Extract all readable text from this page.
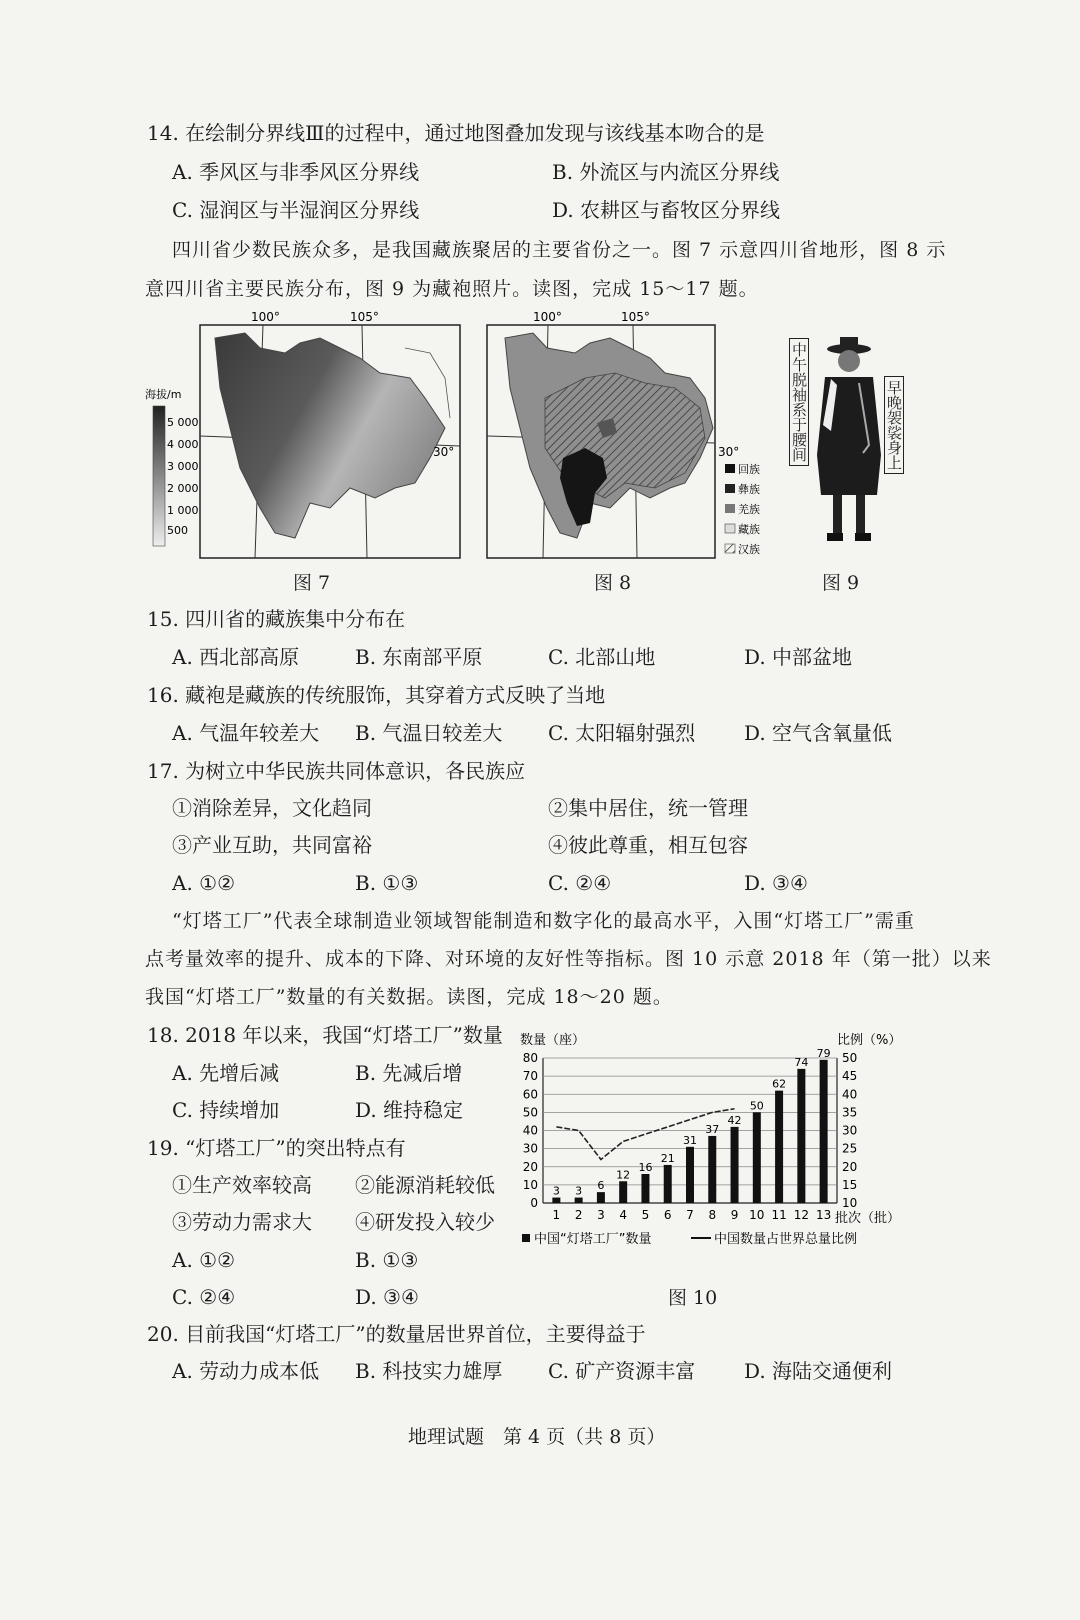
14. 在绘制分界线Ⅲ的过程中，通过地图叠加发现与该线基本吻合的是
A. 季风区与非季风区分界线	B. 外流区与内流区分界线
C. 湿润区与半湿润区分界线	D. 农耕区与畜牧区分界线
四川省少数民族众多，是我国藏族聚居的主要省份之一。图 7 示意四川省地形，图 8 示
意四川省主要民族分布，图 9 为藏袍照片。读图，完成 15～17 题。
海拔/m
5 000
4 000
3 000
2 000
1 000
500
100°	105°
30°
图 7
100°	105°
30°
回族
彝族
羌族
藏族
汉族
图 8
中午脱袖系于腰间	早晚袈裟身上
图 9
15. 四川省的藏族集中分布在
A. 西北部高原	B. 东南部平原	C. 北部山地	D. 中部盆地
16. 藏袍是藏族的传统服饰，其穿着方式反映了当地
A. 气温年较差大 B. 气温日较差大 C. 太阳辐射强烈 D. 空气含氧量低
17. 为树立中华民族共同体意识，各民族应
①消除差异，文化趋同	②集中居住，统一管理
③产业互助，共同富裕	④彼此尊重，相互包容
A. ①②	B. ①③	C. ②④	D. ③④
“灯塔工厂”代表全球制造业领域智能制造和数字化的最高水平，入围“灯塔工厂”需重
点考量效率的提升、成本的下降、对环境的友好性等指标。图 10 示意 2018 年（第一批）以来
我国“灯塔工厂”数量的有关数据。读图，完成 18～20 题。
18. 2018 年以来，我国“灯塔工厂”数量
A. 先增后减	B. 先减后增
C. 持续增加	D. 维持稳定
19. “灯塔工厂”的突出特点有
①生产效率较高 ②能源消耗较低
③劳动力需求大 ④研发投入较少
A. ①②	B. ①③
C. ②④	D. ③④
数量（座）	比例（%）
批次（批）
0
10
20
30
40
50
60
70
80
10
15
20
25
30
35
40
45
50
1 2 3 4 5 6 7 8 9 10 11 12 13
3 3 6
12
16
21
31
37
42
50
62
74
79
中国“灯塔工厂”数量	中国数量占世界总量比例
图 10
20. 目前我国“灯塔工厂”的数量居世界首位，主要得益于
A. 劳动力成本低 B. 科技实力雄厚 C. 矿产资源丰富 D. 海陆交通便利
地理试题　第 4 页（共 8 页）
